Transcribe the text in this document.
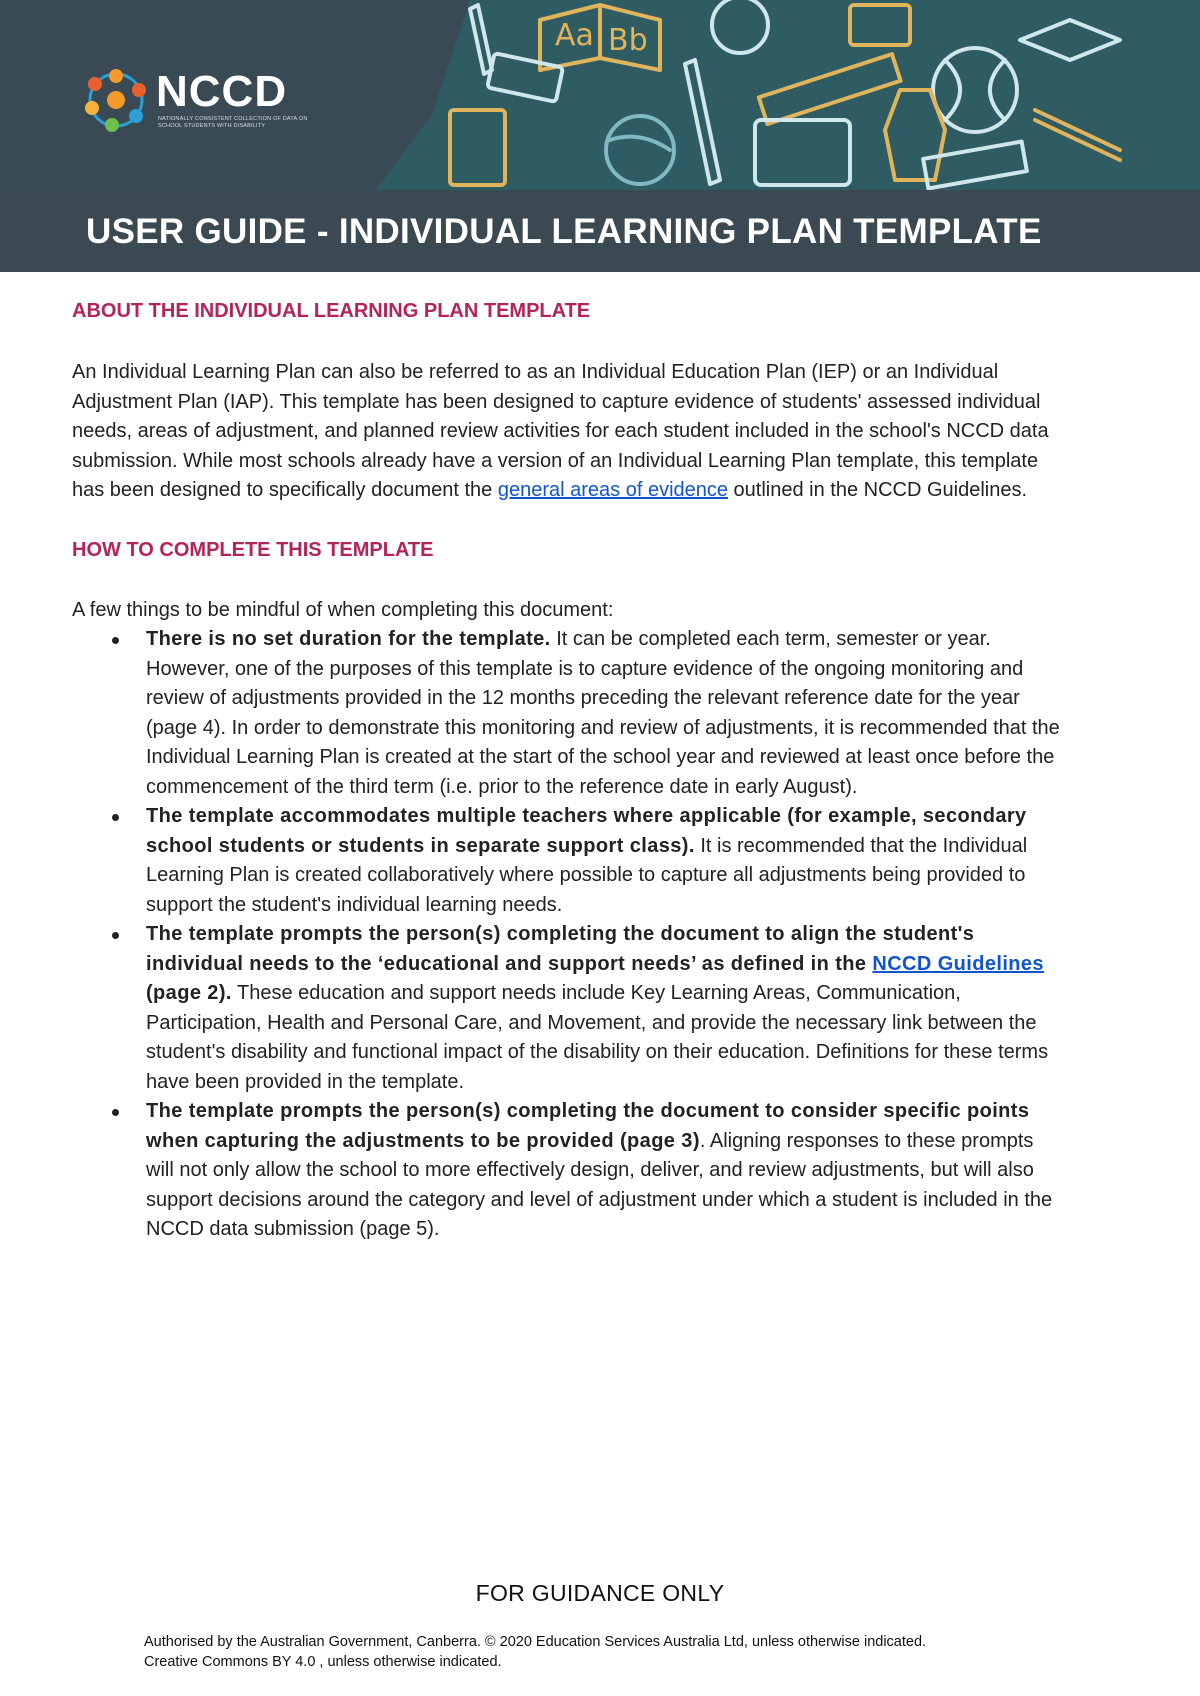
Aa Bb
NCCD
NATIONALLY CONSISTENT COLLECTION OF DATA ON SCHOOL STUDENTS WITH DISABILITY
USER GUIDE - INDIVIDUAL LEARNING PLAN TEMPLATE
ABOUT THE INDIVIDUAL LEARNING PLAN TEMPLATE

An Individual Learning Plan can also be referred to as an Individual Education Plan (IEP) or an Individual Adjustment Plan (IAP). This template has been designed to capture evidence of students' assessed individual needs, areas of adjustment, and planned review activities for each student included in the school's NCCD data submission. While most schools already have a version of an Individual Learning Plan template, this template has been designed to specifically document the general areas of evidence outlined in the NCCD Guidelines.

HOW TO COMPLETE THIS TEMPLATE

A few things to be mindful of when completing this document:

There is no set duration for the template. It can be completed each term, semester or year. However, one of the purposes of this template is to capture evidence of the ongoing monitoring and review of adjustments provided in the 12 months preceding the relevant reference date for the year (page 4). In order to demonstrate this monitoring and review of adjustments, it is recommended that the Individual Learning Plan is created at the start of the school year and reviewed at least once before the commencement of the third term (i.e. prior to the reference date in early August).
The template accommodates multiple teachers where applicable (for example, secondary school students or students in separate support class). It is recommended that the Individual Learning Plan is created collaboratively where possible to capture all adjustments being provided to support the student's individual learning needs.
The template prompts the person(s) completing the document to align the student's individual needs to the ‘educational and support needs’ as defined in the NCCD Guidelines (page 2). These education and support needs include Key Learning Areas, Communication, Participation, Health and Personal Care, and Movement, and provide the necessary link between the student's disability and functional impact of the disability on their education. Definitions for these terms have been provided in the template.
The template prompts the person(s) completing the document to consider specific points when capturing the adjustments to be provided (page 3). Aligning responses to these prompts will not only allow the school to more effectively design, deliver, and review adjustments, but will also support decisions around the category and level of adjustment under which a student is included in the NCCD data submission (page 5).
FOR GUIDANCE ONLY
Authorised by the Australian Government, Canberra. © 2020 Education Services Australia Ltd, unless otherwise indicated.
Creative Commons BY 4.0 , unless otherwise indicated.
